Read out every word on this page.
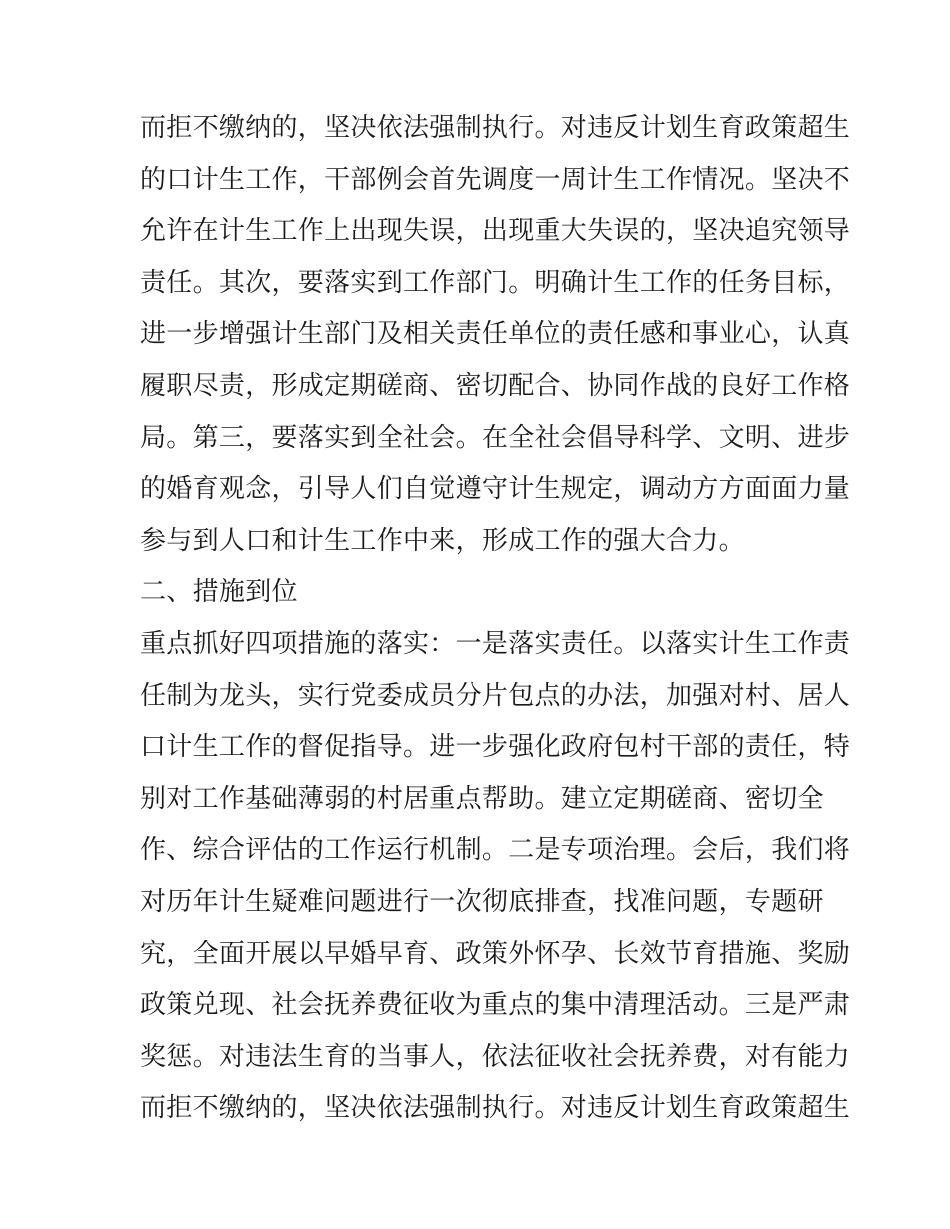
而拒不缴纳的，坚决依法强制执行。对违反计划生育政策超生
的口计生工作，干部例会首先调度一周计生工作情况。坚决不
允许在计生工作上出现失误，出现重大失误的，坚决追究领导
责任。其次，要落实到工作部门。明确计生工作的任务目标，
进一步增强计生部门及相关责任单位的责任感和事业心，认真
履职尽责，形成定期磋商、密切配合、协同作战的良好工作格
局。第三，要落实到全社会。在全社会倡导科学、文明、进步
的婚育观念，引导人们自觉遵守计生规定，调动方方面面力量
参与到人口和计生工作中来，形成工作的强大合力。
二、措施到位
重点抓好四项措施的落实：一是落实责任。以落实计生工作责
任制为龙头，实行党委成员分片包点的办法，加强对村、居人
口计生工作的督促指导。进一步强化政府包村干部的责任，特
别对工作基础薄弱的村居重点帮助。建立定期磋商、密切全
作、综合评估的工作运行机制。二是专项治理。会后，我们将
对历年计生疑难问题进行一次彻底排查，找准问题，专题研
究，全面开展以早婚早育、政策外怀孕、长效节育措施、奖励
政策兑现、社会抚养费征收为重点的集中清理活动。三是严肃
奖惩。对违法生育的当事人，依法征收社会抚养费，对有能力
而拒不缴纳的，坚决依法强制执行。对违反计划生育政策超生
